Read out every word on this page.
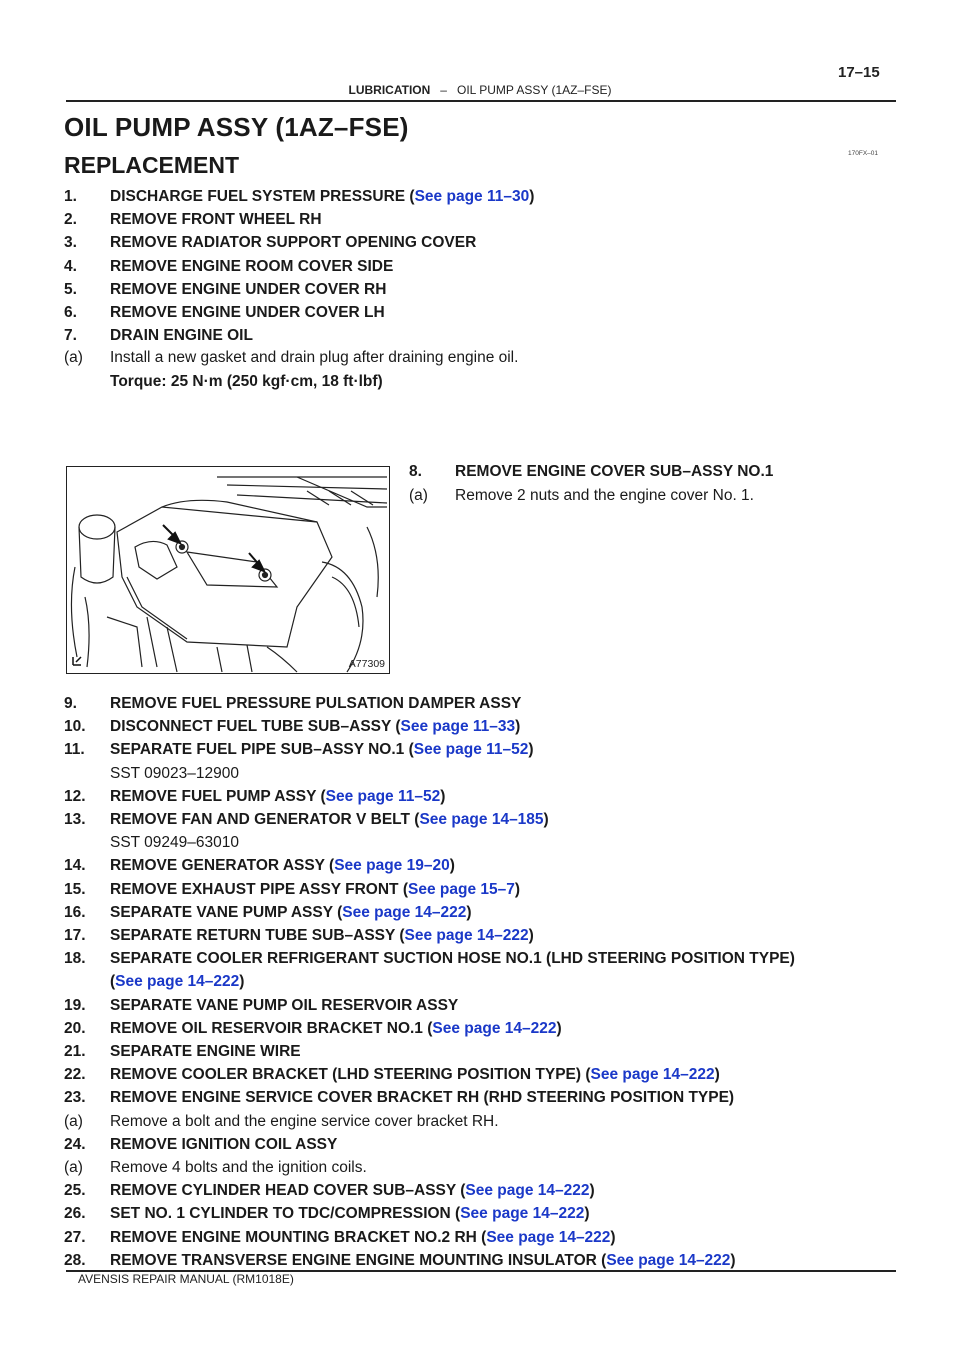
17–15
LUBRICATION – OIL PUMP ASSY (1AZ–FSE)
OIL PUMP ASSY (1AZ–FSE)
REPLACEMENT	170FX–01
1. DISCHARGE FUEL SYSTEM PRESSURE (See page 11–30)
2. REMOVE FRONT WHEEL RH
3. REMOVE RADIATOR SUPPORT OPENING COVER
4. REMOVE ENGINE ROOM COVER SIDE
5. REMOVE ENGINE UNDER COVER RH
6. REMOVE ENGINE UNDER COVER LH
7. DRAIN ENGINE OIL
(a) Install a new gasket and drain plug after draining engine oil.
Torque: 25 N·m (250 kgf·cm, 18 ft·lbf)
8. REMOVE ENGINE COVER SUB–ASSY NO.1
(a) Remove 2 nuts and the engine cover No. 1.
A77309
9. REMOVE FUEL PRESSURE PULSATION DAMPER ASSY
10. DISCONNECT FUEL TUBE SUB–ASSY (See page 11–33)
11. SEPARATE FUEL PIPE SUB–ASSY NO.1 (See page 11–52)
SST 09023–12900
12. REMOVE FUEL PUMP ASSY (See page 11–52)
13. REMOVE FAN AND GENERATOR V BELT (See page 14–185)
SST 09249–63010
14. REMOVE GENERATOR ASSY (See page 19–20)
15. REMOVE EXHAUST PIPE ASSY FRONT (See page 15–7)
16. SEPARATE VANE PUMP ASSY (See page 14–222)
17. SEPARATE RETURN TUBE SUB–ASSY (See page 14–222)
18. SEPARATE COOLER REFRIGERANT SUCTION HOSE NO.1 (LHD STEERING POSITION TYPE)
(See page 14–222)
19. SEPARATE VANE PUMP OIL RESERVOIR ASSY
20. REMOVE OIL RESERVOIR BRACKET NO.1 (See page 14–222)
21. SEPARATE ENGINE WIRE
22. REMOVE COOLER BRACKET (LHD STEERING POSITION TYPE) (See page 14–222)
23. REMOVE ENGINE SERVICE COVER BRACKET RH (RHD STEERING POSITION TYPE)
(a) Remove a bolt and the engine service cover bracket RH.
24. REMOVE IGNITION COIL ASSY
(a) Remove 4 bolts and the ignition coils.
25. REMOVE CYLINDER HEAD COVER SUB–ASSY (See page 14–222)
26. SET NO. 1 CYLINDER TO TDC/COMPRESSION (See page 14–222)
27. REMOVE ENGINE MOUNTING BRACKET NO.2 RH (See page 14–222)
28. REMOVE TRANSVERSE ENGINE ENGINE MOUNTING INSULATOR (See page 14–222)
AVENSIS REPAIR MANUAL (RM1018E)
